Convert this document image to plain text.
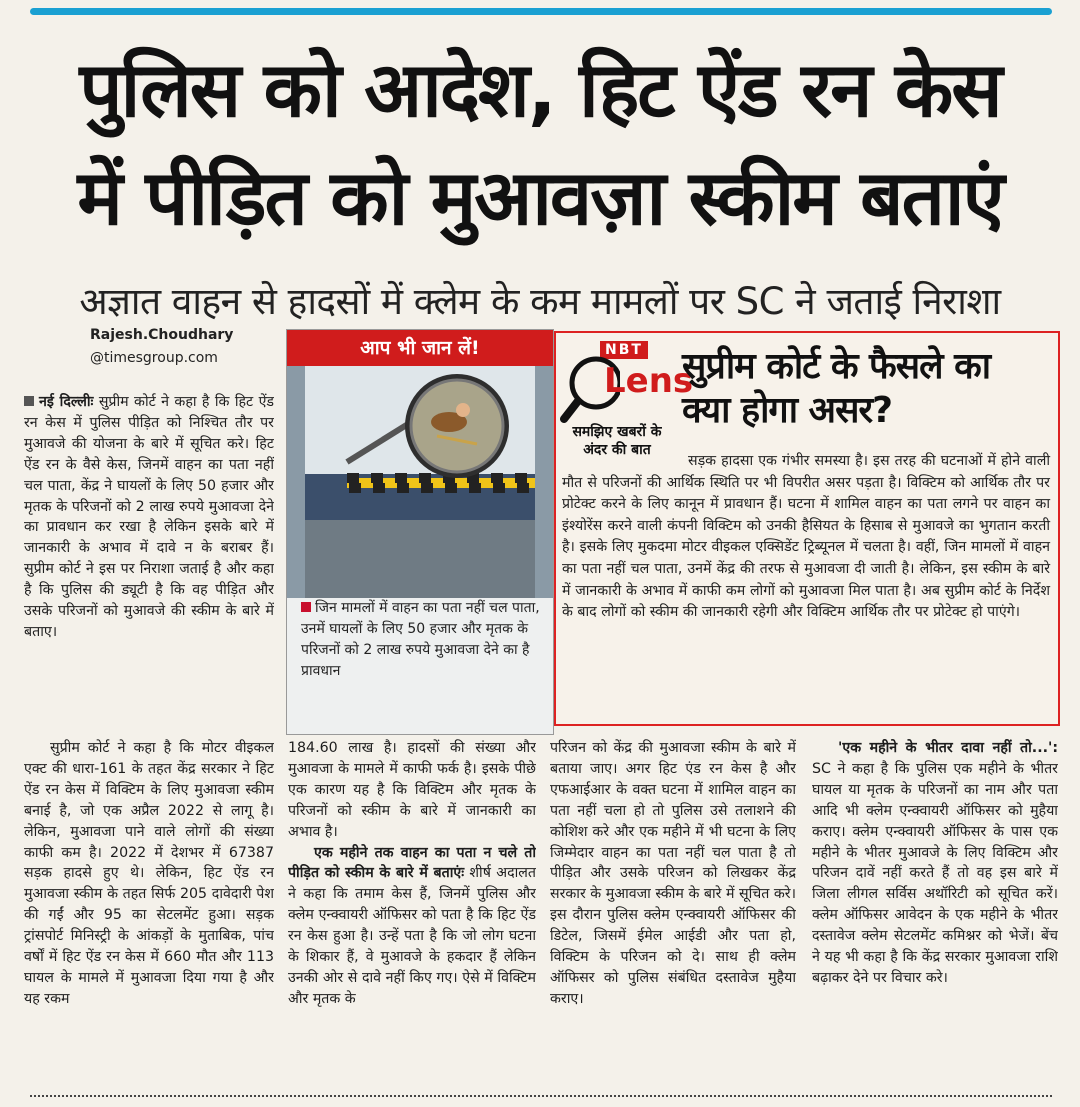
पुलिस को आदेश, हिट ऐंड रन केस
में पीड़ित को मुआवज़ा स्कीम बताएं
अज्ञात वाहन से हादसों में क्लेम के कम मामलों पर SC ने जताई निराशा
Rajesh.Choudhary
@timesgroup.com

नई दिल्लीः सुप्रीम कोर्ट ने कहा है कि हिट ऐंड रन केस में पुलिस पीड़ित को निश्चित तौर पर मुआवजे की योजना के बारे में सूचित करे। हिट ऐंड रन के वैसे केस, जिनमें वाहन का पता नहीं चल पाता, केंद्र ने घायलों के लिए 50 हजार और मृतक के परिजनों को 2 लाख रुपये मुआवजा देने का प्रावधान कर रखा है लेकिन इसके बारे में जानकारी के अभाव में दावे न के बराबर हैं। सुप्रीम कोर्ट ने इस पर निराशा जताई है और कहा है कि पुलिस की ड्यूटी है कि वह पीड़ित और उसके परिजनों को मुआवजे की स्कीम के बारे में बताए।

सुप्रीम कोर्ट ने कहा है कि मोटर वीइकल एक्ट की धारा-161 के तहत केंद्र सरकार ने हिट ऐंड रन केस में विक्टिम के लिए मुआवजा स्कीम बनाई है, जो एक अप्रैल 2022 से लागू है। लेकिन, मुआवजा पाने वाले लोगों की संख्या काफी कम है। 2022 में देशभर में 67387 सड़क हादसे हुए थे। लेकिन, हिट ऐंड रन मुआवजा स्कीम के तहत सिर्फ 205 दावेदारी पेश की गईं और 95 का सेटलमेंट हुआ। सड़क ट्रांसपोर्ट मिनिस्ट्री के आंकड़ों के मुताबिक, पांच वर्षों में हिट ऐंड रन केस में 660 मौत और 113 घायल के मामले में मुआवजा दिया गया है और यह रकम

आप भी जान लें!
जिन मामलों में वाहन का पता नहीं चल पाता, उनमें घायलों के लिए 50 हजार और मृतक के परिजनों को 2 लाख रुपये मुआवजा देने का है प्रावधान

184.60 लाख है। हादसों की संख्या और मुआवजा के मामले में काफी फर्क है। इसके पीछे एक कारण यह है कि विक्टिम और मृतक के परिजनों को स्कीम के बारे में जानकारी का अभाव है।

एक महीने तक वाहन का पता न चले तो पीड़ित को स्कीम के बारे में बताएंः शीर्ष अदालत ने कहा कि तमाम केस हैं, जिनमें पुलिस और क्लेम एन्क्वायरी ऑफिसर को पता है कि हिट ऐंड रन केस हुआ है। उन्हें पता है कि जो लोग घटना के शिकार हैं, वे मुआवजे के हकदार हैं लेकिन उनकी ओर से दावे नहीं किए गए। ऐसे में विक्टिम और मृतक के

NBT
Lens
समझिए खबरों के अंदर की बात
सुप्रीम कोर्ट के फैसले का क्या होगा असर?
सड़क हादसा एक गंभीर समस्या है। इस तरह की घटनाओं में होने वाली मौत से परिजनों की आर्थिक स्थिति पर भी विपरीत असर पड़ता है। विक्टिम को आर्थिक तौर पर प्रोटेक्ट करने के लिए कानून में प्रावधान हैं। घटना में शामिल वाहन का पता लगने पर वाहन का इंश्योरेंस करने वाली कंपनी विक्टिम को उनकी हैसियत के हिसाब से मुआवजे का भुगतान करती है। इसके लिए मुकदमा मोटर वीइकल एक्सिडेंट ट्रिब्यूनल में चलता है। वहीं, जिन मामलों में वाहन का पता नहीं चल पाता, उनमें केंद्र की तरफ से मुआवजा दी जाती है। लेकिन, इस स्कीम के बारे में जानकारी के अभाव में काफी कम लोगों को मुआवजा मिल पाता है। अब सुप्रीम कोर्ट के निर्देश के बाद लोगों को स्कीम की जानकारी रहेगी और विक्टिम आर्थिक तौर पर प्रोटेक्ट हो पाएंगे।

परिजन को केंद्र की मुआवजा स्कीम के बारे में बताया जाए। अगर हिट एंड रन केस है और एफआईआर के वक्त घटना में शामिल वाहन का पता नहीं चला हो तो पुलिस उसे तलाशने की कोशिश करे और एक महीने में भी घटना के लिए जिम्मेदार वाहन का पता नहीं चल पाता है तो पीड़ित और उसके परिजन को लिखकर केंद्र सरकार के मुआवजा स्कीम के बारे में सूचित करे। इस दौरान पुलिस क्लेम एन्क्वायरी ऑफिसर की डिटेल, जिसमें ईमेल आईडी और पता हो, विक्टिम के परिजन को दे। साथ ही क्लेम ऑफिसर को पुलिस संबंधित दस्तावेज मुहैया कराए।

'एक महीने के भीतर दावा नहीं तो...': SC ने कहा है कि पुलिस एक महीने के भीतर घायल या मृतक के परिजनों का नाम और पता आदि भी क्लेम एन्क्वायरी ऑफिसर को मुहैया कराए। क्लेम एन्क्वायरी ऑफिसर के पास एक महीने के भीतर मुआवजे के लिए विक्टिम और परिजन दावें नहीं करते हैं तो वह इस बारे में जिला लीगल सर्विस अथॉरिटी को सूचित करें। क्लेम ऑफिसर आवेदन के एक महीने के भीतर दस्तावेज क्लेम सेटलमेंट कमिश्नर को भेजें। बेंच ने यह भी कहा है कि केंद्र सरकार मुआवजा राशि बढ़ाकर देने पर विचार करे।
